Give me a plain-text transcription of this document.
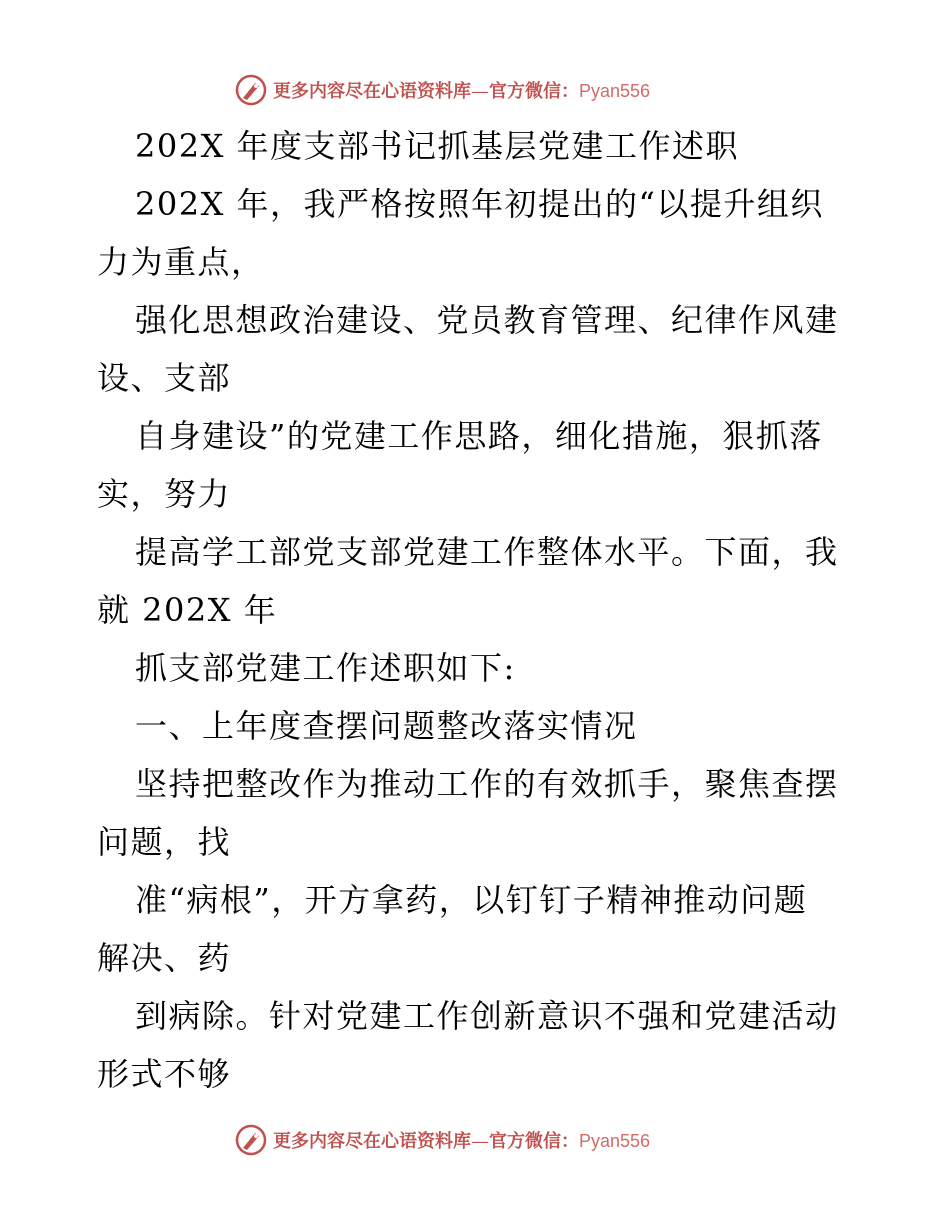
更多内容尽在心语资料库—官方微信：Pyan556
202X 年度支部书记抓基层党建工作述职
202X 年，我严格按照年初提出的“以提升组织
力为重点，
强化思想政治建设、党员教育管理、纪律作风建
设、支部
自身建设”的党建工作思路，细化措施，狠抓落
实，努力
提高学工部党支部党建工作整体水平。下面，我
就 202X 年
抓支部党建工作述职如下:
一、上年度查摆问题整改落实情况
坚持把整改作为推动工作的有效抓手，聚焦查摆
问题，找
准“病根”，开方拿药，以钉钉子精神推动问题
解决、药
到病除。针对党建工作创新意识不强和党建活动
形式不够
更多内容尽在心语资料库—官方微信：Pyan556
